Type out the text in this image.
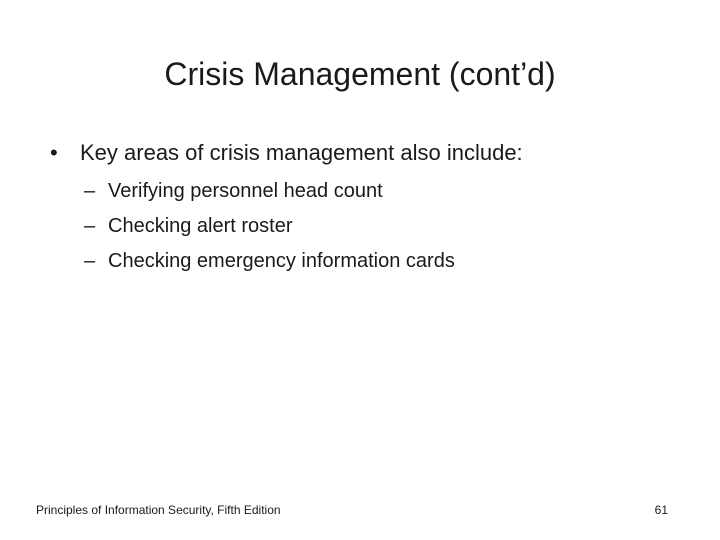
Crisis Management (cont’d)
•	Key areas of crisis management also include:
– Verifying personnel head count
– Checking alert roster
– Checking emergency information cards
Principles of Information Security, Fifth Edition	61
